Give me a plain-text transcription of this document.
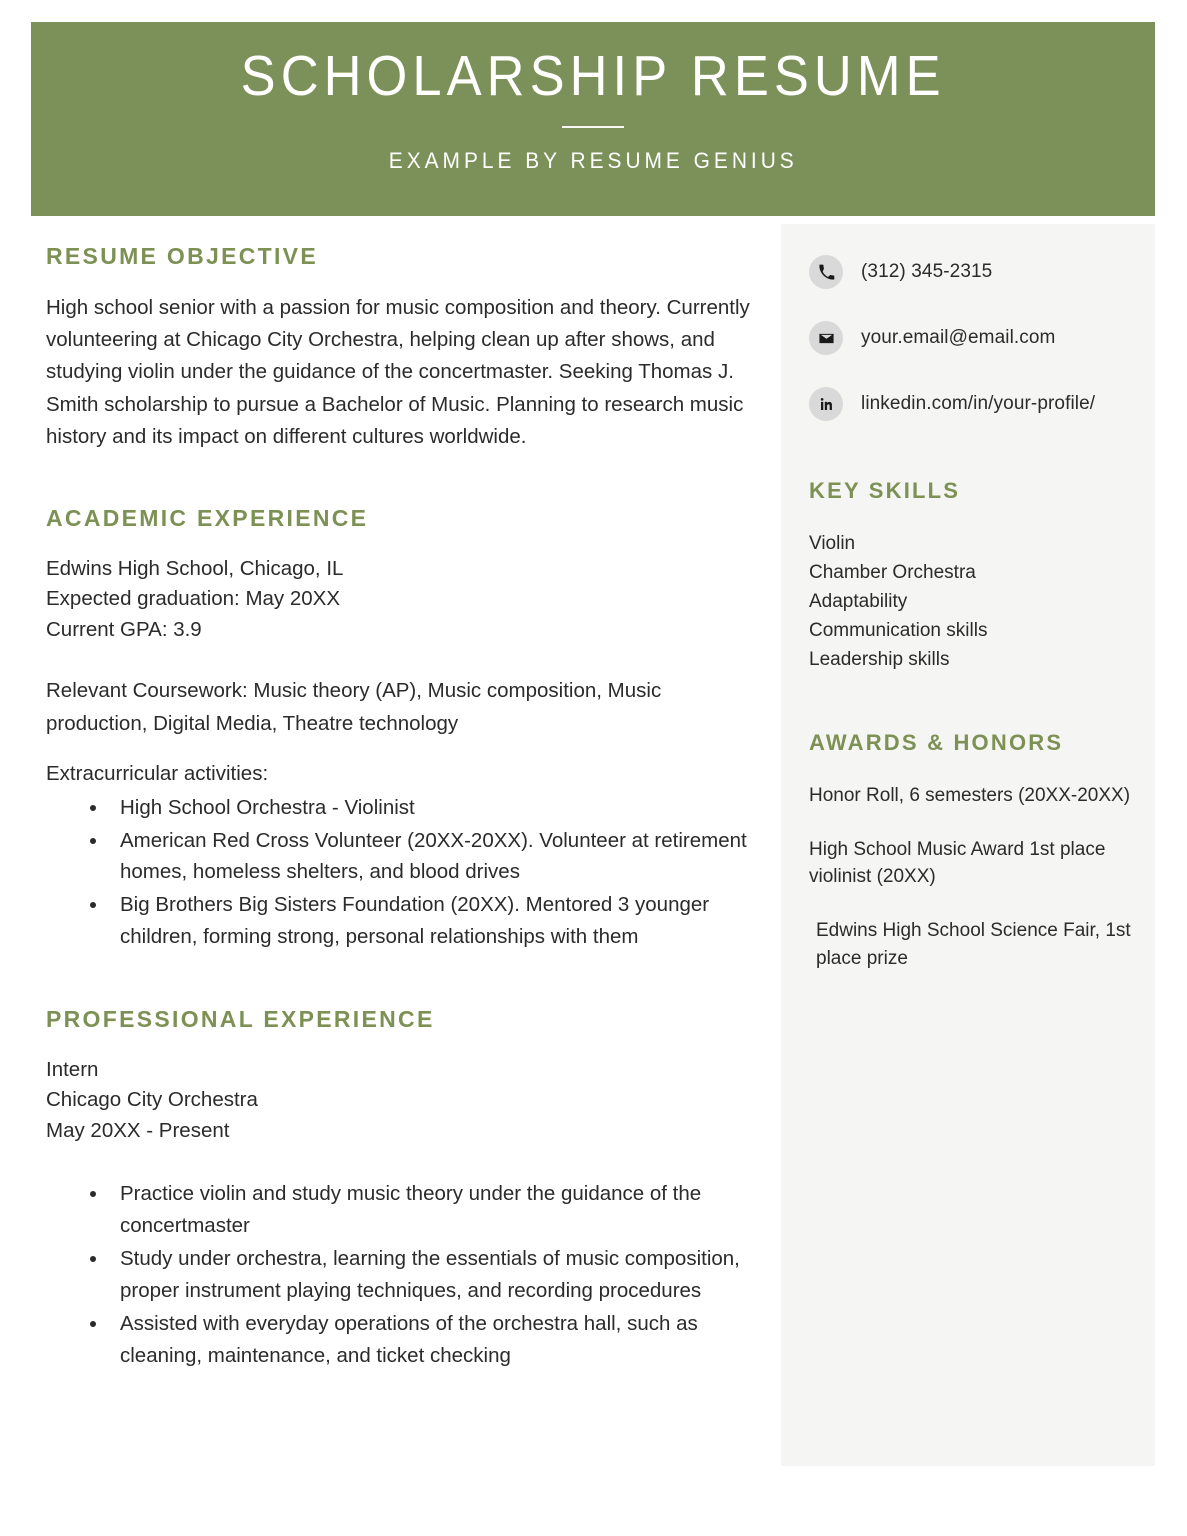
SCHOLARSHIP RESUME
EXAMPLE BY RESUME GENIUS
(312) 345-2315
your.email@email.com
linkedin.com/in/your-profile/
KEY SKILLS
Violin
Chamber Orchestra
Adaptability
Communication skills
Leadership skills
AWARDS & HONORS
Honor Roll, 6 semesters (20XX-20XX)
High School Music Award 1st place violinist (20XX)
Edwins High School Science Fair, 1st place prize
RESUME OBJECTIVE

High school senior with a passion for music composition and theory. Currently volunteering at Chicago City Orchestra, helping clean up after shows, and studying violin under the guidance of the concertmaster. Seeking Thomas J. Smith scholarship to pursue a Bachelor of Music. Planning to research music history and its impact on different cultures worldwide.

ACADEMIC EXPERIENCE

Edwins High School, Chicago, IL

Expected graduation: May 20XX

Current GPA: 3.9

Relevant Coursework: Music theory (AP), Music composition, Music production, Digital Media, Theatre technology

Extracurricular activities:

High School Orchestra - Violinist
American Red Cross Volunteer (20XX-20XX). Volunteer at retirement homes, homeless shelters, and blood drives
Big Brothers Big Sisters Foundation (20XX). Mentored 3 younger children, forming strong, personal relationships with them
PROFESSIONAL EXPERIENCE

Intern

Chicago City Orchestra

May 20XX - Present

Practice violin and study music theory under the guidance of the concertmaster
Study under orchestra, learning the essentials of music composition, proper instrument playing techniques, and recording procedures
Assisted with everyday operations of the orchestra hall, such as cleaning, maintenance, and ticket checking
